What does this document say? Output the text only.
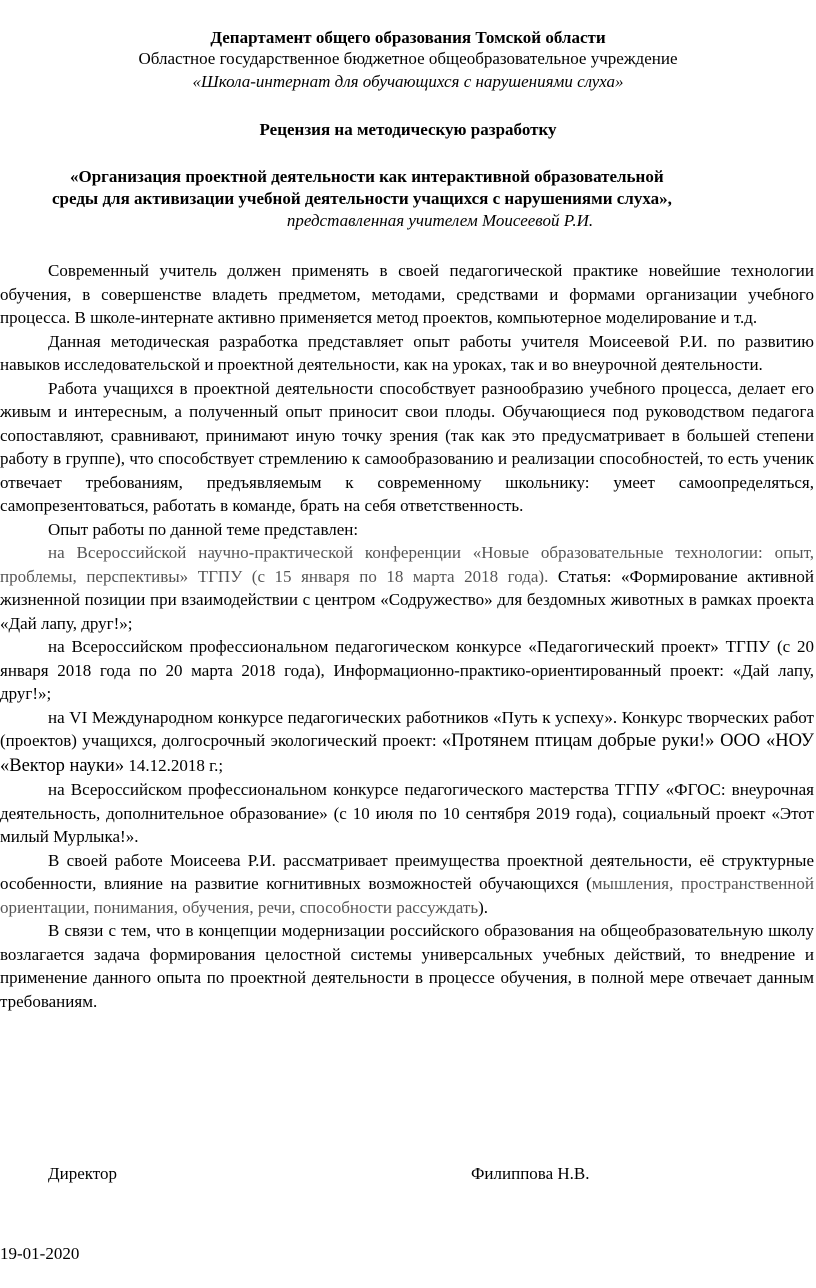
Департамент общего образования Томской области
Областное государственное бюджетное общеобразовательное учреждение
«Школа-интернат для обучающихся с нарушениями слуха»
Рецензия на методическую разработку
«Организация проектной деятельности как интерактивной образовательной

среды для активизации учебной деятельности учащихся с нарушениями слуха»,
представленная учителем Моисеевой Р.И.

Современный учитель должен применять в своей педагогической практике новейшие технологии обучения, в совершенстве владеть предметом, методами, средствами и формами организации учебного процесса. В школе-интернате активно применяется метод проектов, компьютерное моделирование и т.д.

Данная методическая разработка представляет опыт работы учителя Моисеевой Р.И. по развитию навыков исследовательской и проектной деятельности, как на уроках, так и во внеурочной деятельности.

Работа учащихся в проектной деятельности способствует разнообразию учебного процесса, делает его живым и интересным, а полученный опыт приносит свои плоды. Обучающиеся под руководством педагога сопоставляют, сравнивают, принимают иную точку зрения (так как это предусматривает в большей степени работу в группе), что способствует стремлению к самообразованию и реализации способностей, то есть ученик отвечает требованиям, предъявляемым к современному школьнику: умеет самоопределяться, самопрезентоваться, работать в команде, брать на себя ответственность.

Опыт работы по данной теме представлен:

на Всероссийской научно-практической конференции «Новые образовательные технологии: опыт, проблемы, перспективы» ТГПУ (с 15 января по 18 марта 2018 года). Статья: «Формирование активной жизненной позиции при взаимодействии с центром «Содружество» для бездомных животных в рамках проекта «Дай лапу, друг!»;

на Всероссийском профессиональном педагогическом конкурсе «Педагогический проект» ТГПУ (с 20 января 2018 года по 20 марта 2018 года), Информационно-практико-ориентированный проект: «Дай лапу, друг!»;

на VI Международном конкурсе педагогических работников «Путь к успеху». Конкурс творческих работ (проектов) учащихся, долгосрочный экологический проект: «Протянем птицам добрые руки!» ООО «НОУ «Вектор науки» 14.12.2018 г.;

на Всероссийском профессиональном конкурсе педагогического мастерства ТГПУ «ФГОС: внеурочная деятельность, дополнительное образование» (с 10 июля по 10 сентября 2019 года), социальный проект «Этот милый Мурлыка!».

В своей работе Моисеева Р.И. рассматривает преимущества проектной деятельности, её структурные особенности, влияние на развитие когнитивных возможностей обучающихся (мышления, пространственной ориентации, понимания, обучения, речи, способности рассуждать).

В связи с тем, что в концепции модернизации российского образования на общеобразовательную школу возлагается задача формирования целостной системы универсальных учебных действий, то внедрение и применение данного опыта по проектной деятельности в процессе обучения, в полной мере отвечает данным требованиям.

Директор	Филиппова Н.В.
19-01-2020
